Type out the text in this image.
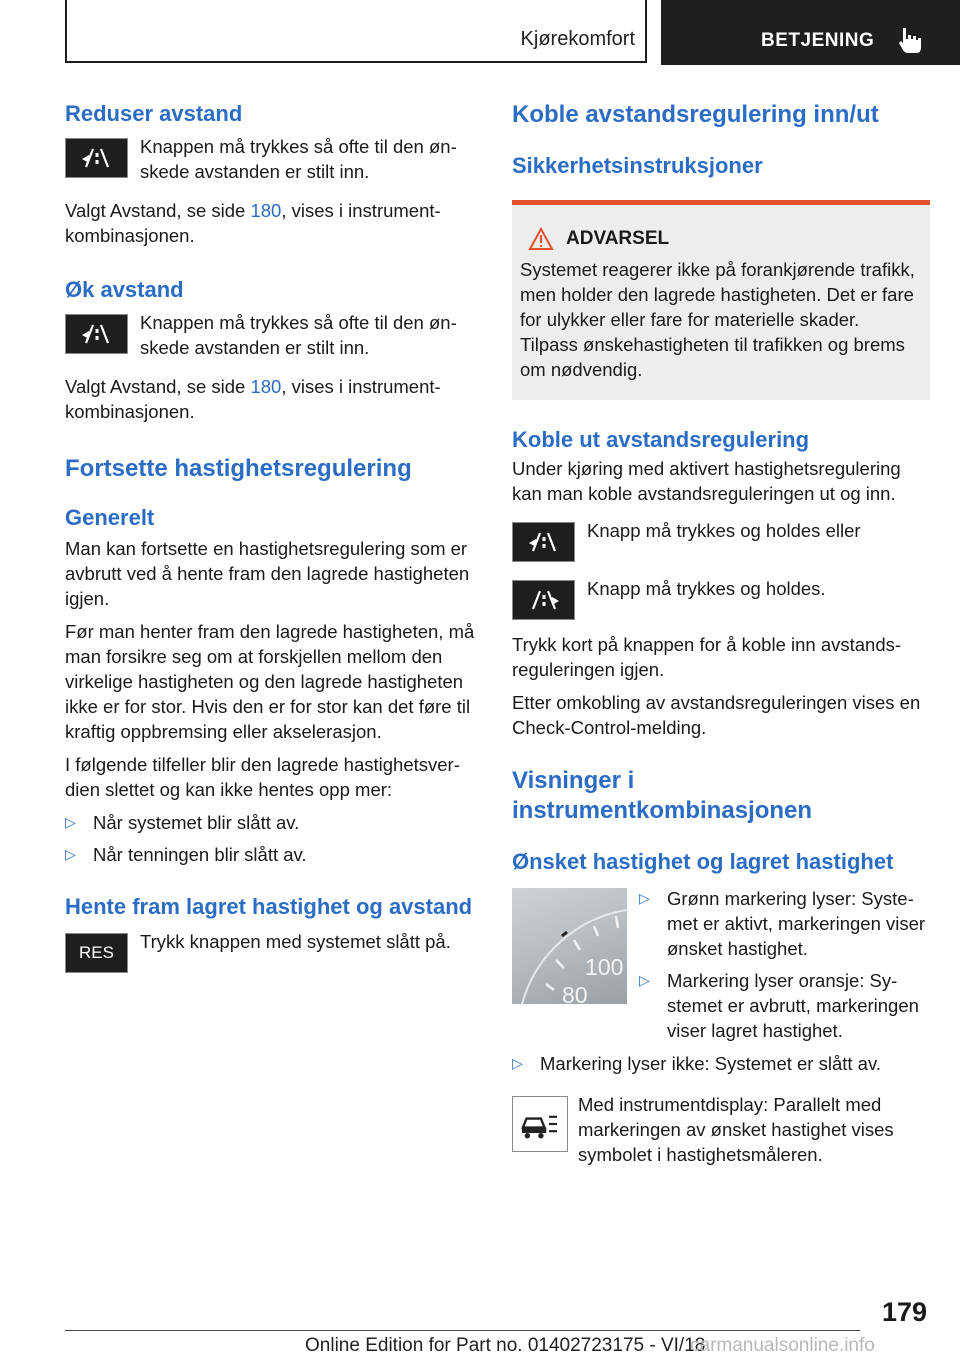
Kjørekomfort	BETJENING
Reduser avstand

Knappen må trykkes så ofte til den ønskede avstanden er stilt inn.

Valgt Avstand, se side 180, vises i instrumentkombinasjonen.

Øk avstand

Knappen må trykkes så ofte til den ønskede avstanden er stilt inn.

Valgt Avstand, se side 180, vises i instrumentkombinasjonen.

Fortsette hastighetsregulering
Generelt

Man kan fortsette en hastighetsregulering som er avbrutt ved å hente fram den lagrede hastigheten igjen.

Før man henter fram den lagrede hastigheten, må man forsikre seg om at forskjellen mellom den virkelige hastigheten og den lagrede hastigheten ikke er for stor. Hvis den er for stor kan det føre til kraftig oppbremsing eller akselerasjon.

I følgende tilfeller blir den lagrede hastighetsverdien slettet og kan ikke hentes opp mer:

▷ Når systemet blir slått av.
▷ Når tenningen blir slått av.
Hente fram lagret hastighet og avstand
RES

Trykk knappen med systemet slått på.

Koble avstandsregulering inn/ut
Sikkerhetsinstruksjoner
ADVARSEL

Systemet reagerer ikke på forankjørende trafikk, men holder den lagrede hastigheten. Det er fare for ulykker eller fare for materielle skader. Tilpass ønskehastigheten til trafikken og brems om nødvendig.

Koble ut avstandsregulering

Under kjøring med aktivert hastighetsregulering kan man koble avstandsreguleringen ut og inn.

Knapp må trykkes og holdes eller

Knapp må trykkes og holdes.

Trykk kort på knappen for å koble inn avstandsreguleringen igjen.

Etter omkobling av avstandsreguleringen vises en Check-Control-melding.

Visninger i instrumentkombinasjonen
Ønsket hastighet og lagret hastighet
100
80
▷ Grønn markering lyser: Systemet er aktivt, markeringen viser ønsket hastighet.
▷ Markering lyser oransje: Systemet er avbrutt, markeringen viser lagret hastighet.
▷ Markering lyser ikke: Systemet er slått av.

Med instrumentdisplay: Parallelt med markeringen av ønsket hastighet vises symbolet i hastighetsmåleren.

179
Online Edition for Part no. 01402723175 - VI/18
carmanualsonline.info
